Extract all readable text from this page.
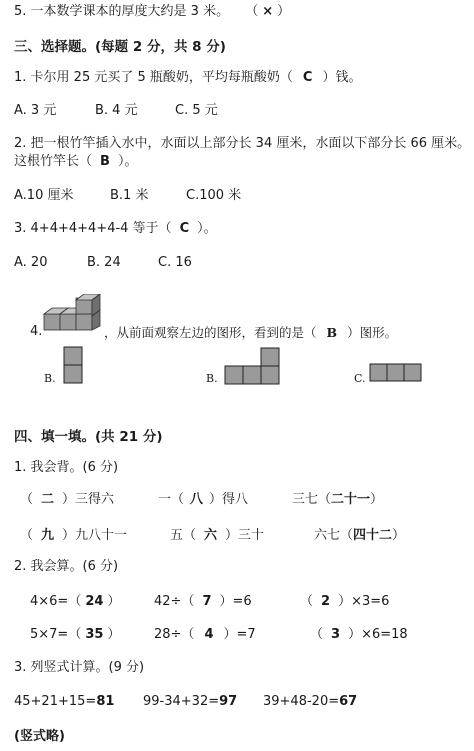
5. 一本数学课本的厚度大约是 3 米。 （ × ）
三、选择题。(每题 2 分，共 8 分)
1. 卡尔用 25 元买了 5 瓶酸奶，平均每瓶酸奶（ C ）钱。
A. 3 元	B. 4 元	C. 5 元
2. 把一根竹竿插入水中，水面以上部分长 34 厘米，水面以下部分长 66 厘米。
这根竹竿长（ B ）。
A.10 厘米	B.1 米	C.100 米
3. 4+4+4+4+4-4 等于（ C ）。
A. 20	B. 24	C. 16
4.	，从前面观察左边的图形，看到的是（ B ）图形。
B.	B.	C.
四、填一填。(共 21 分)
1. 我会背。(6 分)
（ 二 ）三得六	一（ 八 ）得八	三七（二十一）
（ 九 ）九八十一	五（ 六 ）三十	六七（四十二）
2. 我会算。(6 分)
4×6=（ 24 ）	42÷（ 7 ）=6	（ 2 ）×3=6
5×7=（ 35 ）	28÷（ 4 ）=7	（ 3 ）×6=18
3. 列竖式计算。(9 分)
45+21+15=81 99-34+32=97 39+48-20=67
(竖式略)
